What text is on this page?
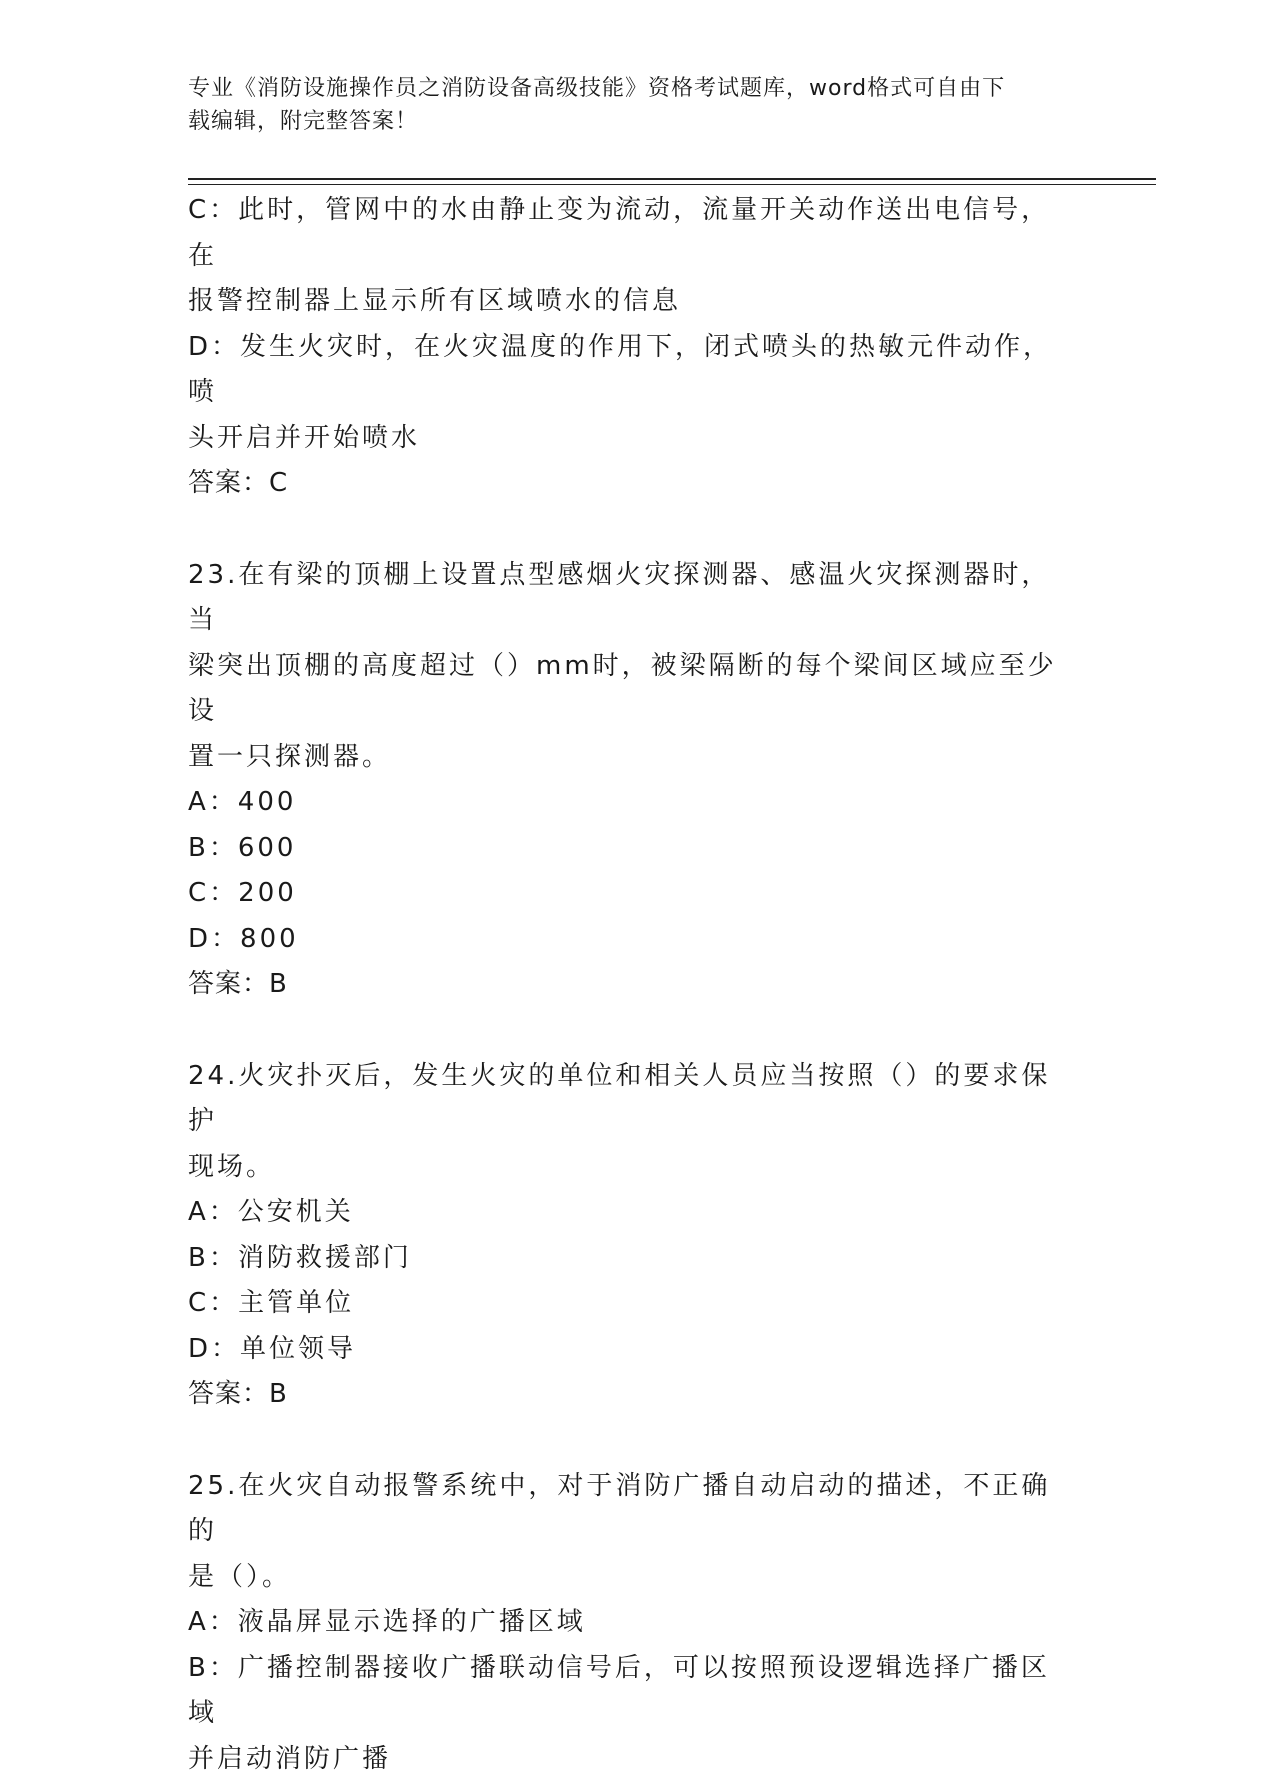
专业《消防设施操作员之消防设备高级技能》资格考试题库，word格式可自由下
载编辑，附完整答案！
C：此时，管网中的水由静止变为流动，流量开关动作送出电信号，在
报警控制器上显示所有区域喷水的信息
D：发生火灾时，在火灾温度的作用下，闭式喷头的热敏元件动作，喷
头开启并开始喷水
答案：C
23.在有梁的顶棚上设置点型感烟火灾探测器、感温火灾探测器时，当
梁突出顶棚的高度超过（）mm时，被梁隔断的每个梁间区域应至少设
置一只探测器。
A：400
B：600
C：200
D：800
答案：B
24.火灾扑灭后，发生火灾的单位和相关人员应当按照（）的要求保护
现场。
A：公安机关
B：消防救援部门
C：主管单位
D：单位领导
答案：B
25.在火灾自动报警系统中，对于消防广播自动启动的描述，不正确的
是（）。
A：液晶屏显示选择的广播区域
B：广播控制器接收广播联动信号后，可以按照预设逻辑选择广播区域
并启动消防广播
